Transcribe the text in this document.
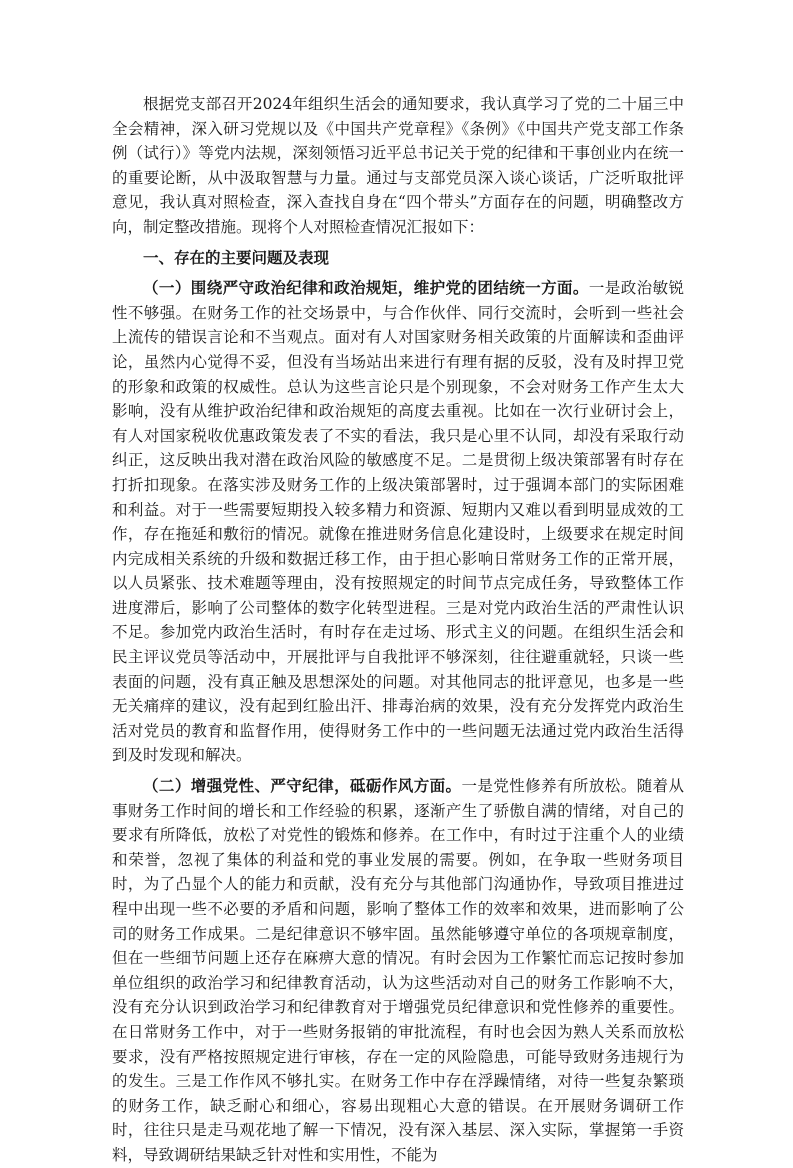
根据党支部召开2024年组织生活会的通知要求，我认真学习了党的二十届三中全会精神，深入研习党规以及《中国共产党章程》《条例》《中国共产党支部工作条例（试行）》等党内法规，深刻领悟习近平总书记关于党的纪律和干事创业内在统一的重要论断，从中汲取智慧与力量。通过与支部党员深入谈心谈话，广泛听取批评意见，我认真对照检查，深入查找自身在“四个带头”方面存在的问题，明确整改方向，制定整改措施。现将个人对照检查情况汇报如下：

一、存在的主要问题及表现

（一）围绕严守政治纪律和政治规矩，维护党的团结统一方面。一是政治敏锐性不够强。在财务工作的社交场景中，与合作伙伴、同行交流时，会听到一些社会上流传的错误言论和不当观点。面对有人对国家财务相关政策的片面解读和歪曲评论，虽然内心觉得不妥，但没有当场站出来进行有理有据的反驳，没有及时捍卫党的形象和政策的权威性。总认为这些言论只是个别现象，不会对财务工作产生太大影响，没有从维护政治纪律和政治规矩的高度去重视。比如在一次行业研讨会上，有人对国家税收优惠政策发表了不实的看法，我只是心里不认同，却没有采取行动纠正，这反映出我对潜在政治风险的敏感度不足。二是贯彻上级决策部署有时存在打折扣现象。在落实涉及财务工作的上级决策部署时，过于强调本部门的实际困难和利益。对于一些需要短期投入较多精力和资源、短期内又难以看到明显成效的工作，存在拖延和敷衍的情况。就像在推进财务信息化建设时，上级要求在规定时间内完成相关系统的升级和数据迁移工作，由于担心影响日常财务工作的正常开展，以人员紧张、技术难题等理由，没有按照规定的时间节点完成任务，导致整体工作进度滞后，影响了公司整体的数字化转型进程。三是对党内政治生活的严肃性认识不足。参加党内政治生活时，有时存在走过场、形式主义的问题。在组织生活会和民主评议党员等活动中，开展批评与自我批评不够深刻，往往避重就轻，只谈一些表面的问题，没有真正触及思想深处的问题。对其他同志的批评意见，也多是一些无关痛痒的建议，没有起到红脸出汗、排毒治病的效果，没有充分发挥党内政治生活对党员的教育和监督作用，使得财务工作中的一些问题无法通过党内政治生活得到及时发现和解决。

（二）增强党性、严守纪律，砥砺作风方面。一是党性修养有所放松。随着从事财务工作时间的增长和工作经验的积累，逐渐产生了骄傲自满的情绪，对自己的要求有所降低，放松了对党性的锻炼和修养。在工作中，有时过于注重个人的业绩和荣誉，忽视了集体的利益和党的事业发展的需要。例如，在争取一些财务项目时，为了凸显个人的能力和贡献，没有充分与其他部门沟通协作，导致项目推进过程中出现一些不必要的矛盾和问题，影响了整体工作的效率和效果，进而影响了公司的财务工作成果。二是纪律意识不够牢固。虽然能够遵守单位的各项规章制度，但在一些细节问题上还存在麻痹大意的情况。有时会因为工作繁忙而忘记按时参加单位组织的政治学习和纪律教育活动，认为这些活动对自己的财务工作影响不大，没有充分认识到政治学习和纪律教育对于增强党员纪律意识和党性修养的重要性。在日常财务工作中，对于一些财务报销的审批流程，有时也会因为熟人关系而放松要求，没有严格按照规定进行审核，存在一定的风险隐患，可能导致财务违规行为的发生。三是工作作风不够扎实。在财务工作中存在浮躁情绪，对待一些复杂繁琐的财务工作，缺乏耐心和细心，容易出现粗心大意的错误。在开展财务调研工作时，往往只是走马观花地了解一下情况，没有深入基层、深入实际，掌握第一手资料，导致调研结果缺乏针对性和实用性，不能为
